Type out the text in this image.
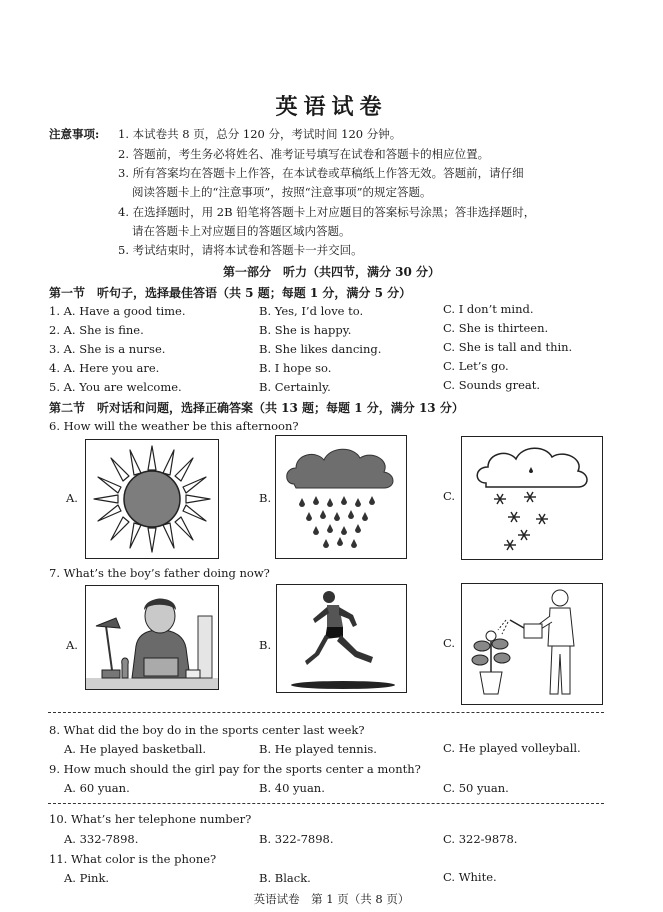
英语试卷
注意事项: 1. 本试卷共 8 页，总分 120 分，考试时间 120 分钟。
2. 答题前，考生务必将姓名、准考证号填写在试卷和答题卡的相应位置。
3. 所有答案均在答题卡上作答，在本试卷或草稿纸上作答无效。答题前，请仔细
阅读答题卡上的“注意事项”，按照“注意事项”的规定答题。
4. 在选择题时，用 2B 铅笔将答题卡上对应题目的答案标号涂黑；答非选择题时，
请在答题卡上对应题目的答题区域内答题。
5. 考试结束时，请将本试卷和答题卡一并交回。
第一部分　听力（共四节，满分 30 分）
第一节　听句子，选择最佳答语（共 5 题；每题 1 分，满分 5 分）
1. A. Have a good time.	B. Yes, I’d love to.	C. I don’t mind.
2. A. She is fine.	B. She is happy.	C. She is thirteen.
3. A. She is a nurse.	B. She likes dancing.	C. She is tall and thin.
4. A. Here you are.	B. I hope so.	C. Let’s go.
5. A. You are welcome.	B. Certainly.	C. Sounds great.
第二节　听对话和问题，选择正确答案（共 13 题；每题 1 分，满分 13 分）
6. How will the weather be this afternoon?
A.	B.	C.
7. What’s the boy’s father doing now?
A.	B.	C.
8. What did the boy do in the sports center last week?
A. He played basketball.	B. He played tennis.	C. He played volleyball.
9. How much should the girl pay for the sports center a month?
A. 60 yuan.	B. 40 yuan.	C. 50 yuan.
10. What’s her telephone number?
A. 332-7898.	B. 322-7898.	C. 322-9878.
11. What color is the phone?
A. Pink.	B. Black.	C. White.
英语试卷　第 1 页（共 8 页）
